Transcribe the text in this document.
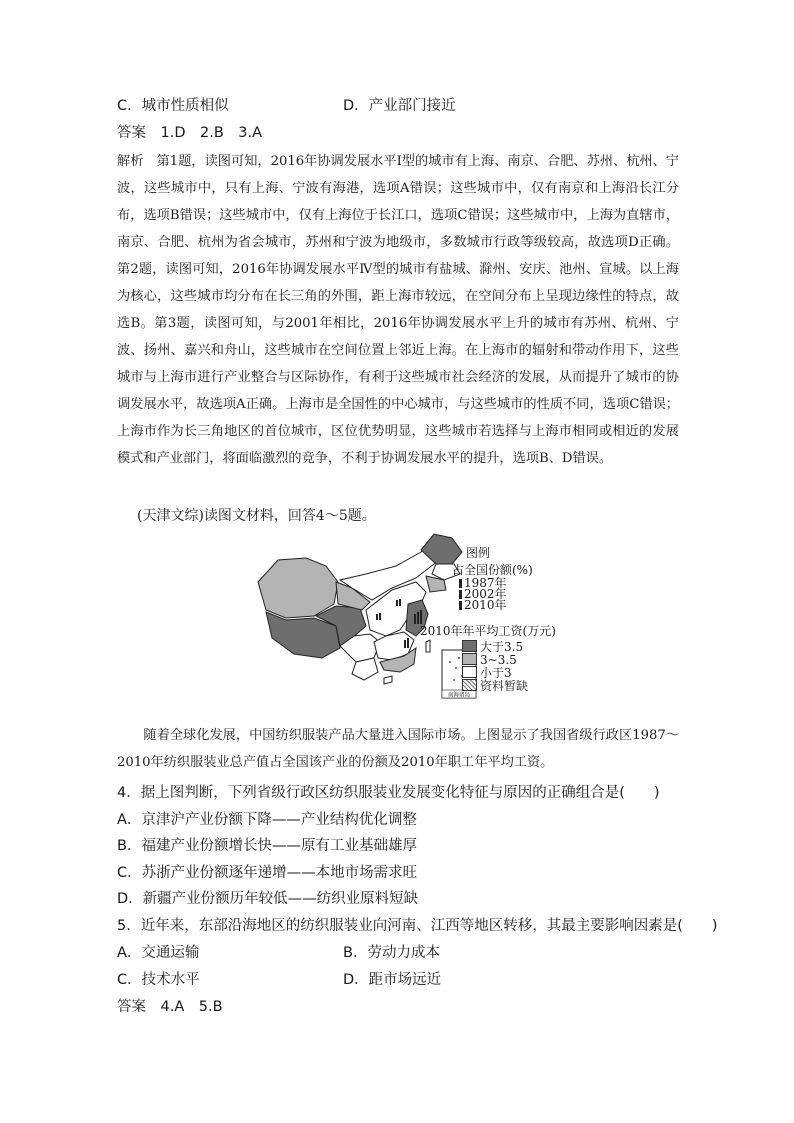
C．城市性质相似	D．产业部门接近
答案　1.D　2.B　3.A
解析　第1题，读图可知，2016年协调发展水平Ⅰ型的城市有上海、南京、合肥、苏州、杭州、宁波，这些城市中，只有上海、宁波有海港，选项A错误；这些城市中，仅有南京和上海沿长江分布，选项B错误；这些城市中，仅有上海位于长江口，选项C错误；这些城市中，上海为直辖市，南京、合肥、杭州为省会城市，苏州和宁波为地级市，多数城市行政等级较高，故选项D正确。第2题，读图可知，2016年协调发展水平Ⅳ型的城市有盐城、滁州、安庆、池州、宣城。以上海为核心，这些城市均分布在长三角的外围，距上海市较远，在空间分布上呈现边缘性的特点，故选B。第3题，读图可知，与2001年相比，2016年协调发展水平上升的城市有苏州、杭州、宁波、扬州、嘉兴和舟山，这些城市在空间位置上邻近上海。在上海市的辐射和带动作用下，这些城市与上海市进行产业整合与区际协作，有利于这些城市社会经济的发展，从而提升了城市的协调发展水平，故选项A正确。上海市是全国性的中心城市，与这些城市的性质不同，选项C错误；上海市作为长三角地区的首位城市，区位优势明显，这些城市若选择与上海市相同或相近的发展模式和产业部门，将面临激烈的竞争，不利于协调发展水平的提升，选项B、D错误。
(天津文综)读图文材料，回答4～5题。
南海诸岛
图例
占全国份额(%)
1987年
2002年
2010年
2010年年平均工资(万元)
大于3.5
3~3.5
小于3
资料暂缺
随着全球化发展，中国纺织服装产品大量进入国际市场。上图显示了我国省级行政区1987～2010年纺织服装业总产值占全国该产业的份额及2010年职工年平均工资。
4．据上图判断，下列省级行政区纺织服装业发展变化特征与原因的正确组合是(　　)
A．京津沪产业份额下降——产业结构优化调整
B．福建产业份额增长快——原有工业基础雄厚
C．苏浙产业份额逐年递增——本地市场需求旺
D．新疆产业份额历年较低——纺织业原料短缺
5．近年来，东部沿海地区的纺织服装业向河南、江西等地区转移，其最主要影响因素是(　　)
A．交通运输	B．劳动力成本
C．技术水平	D．距市场远近
答案　4.A　5.B
